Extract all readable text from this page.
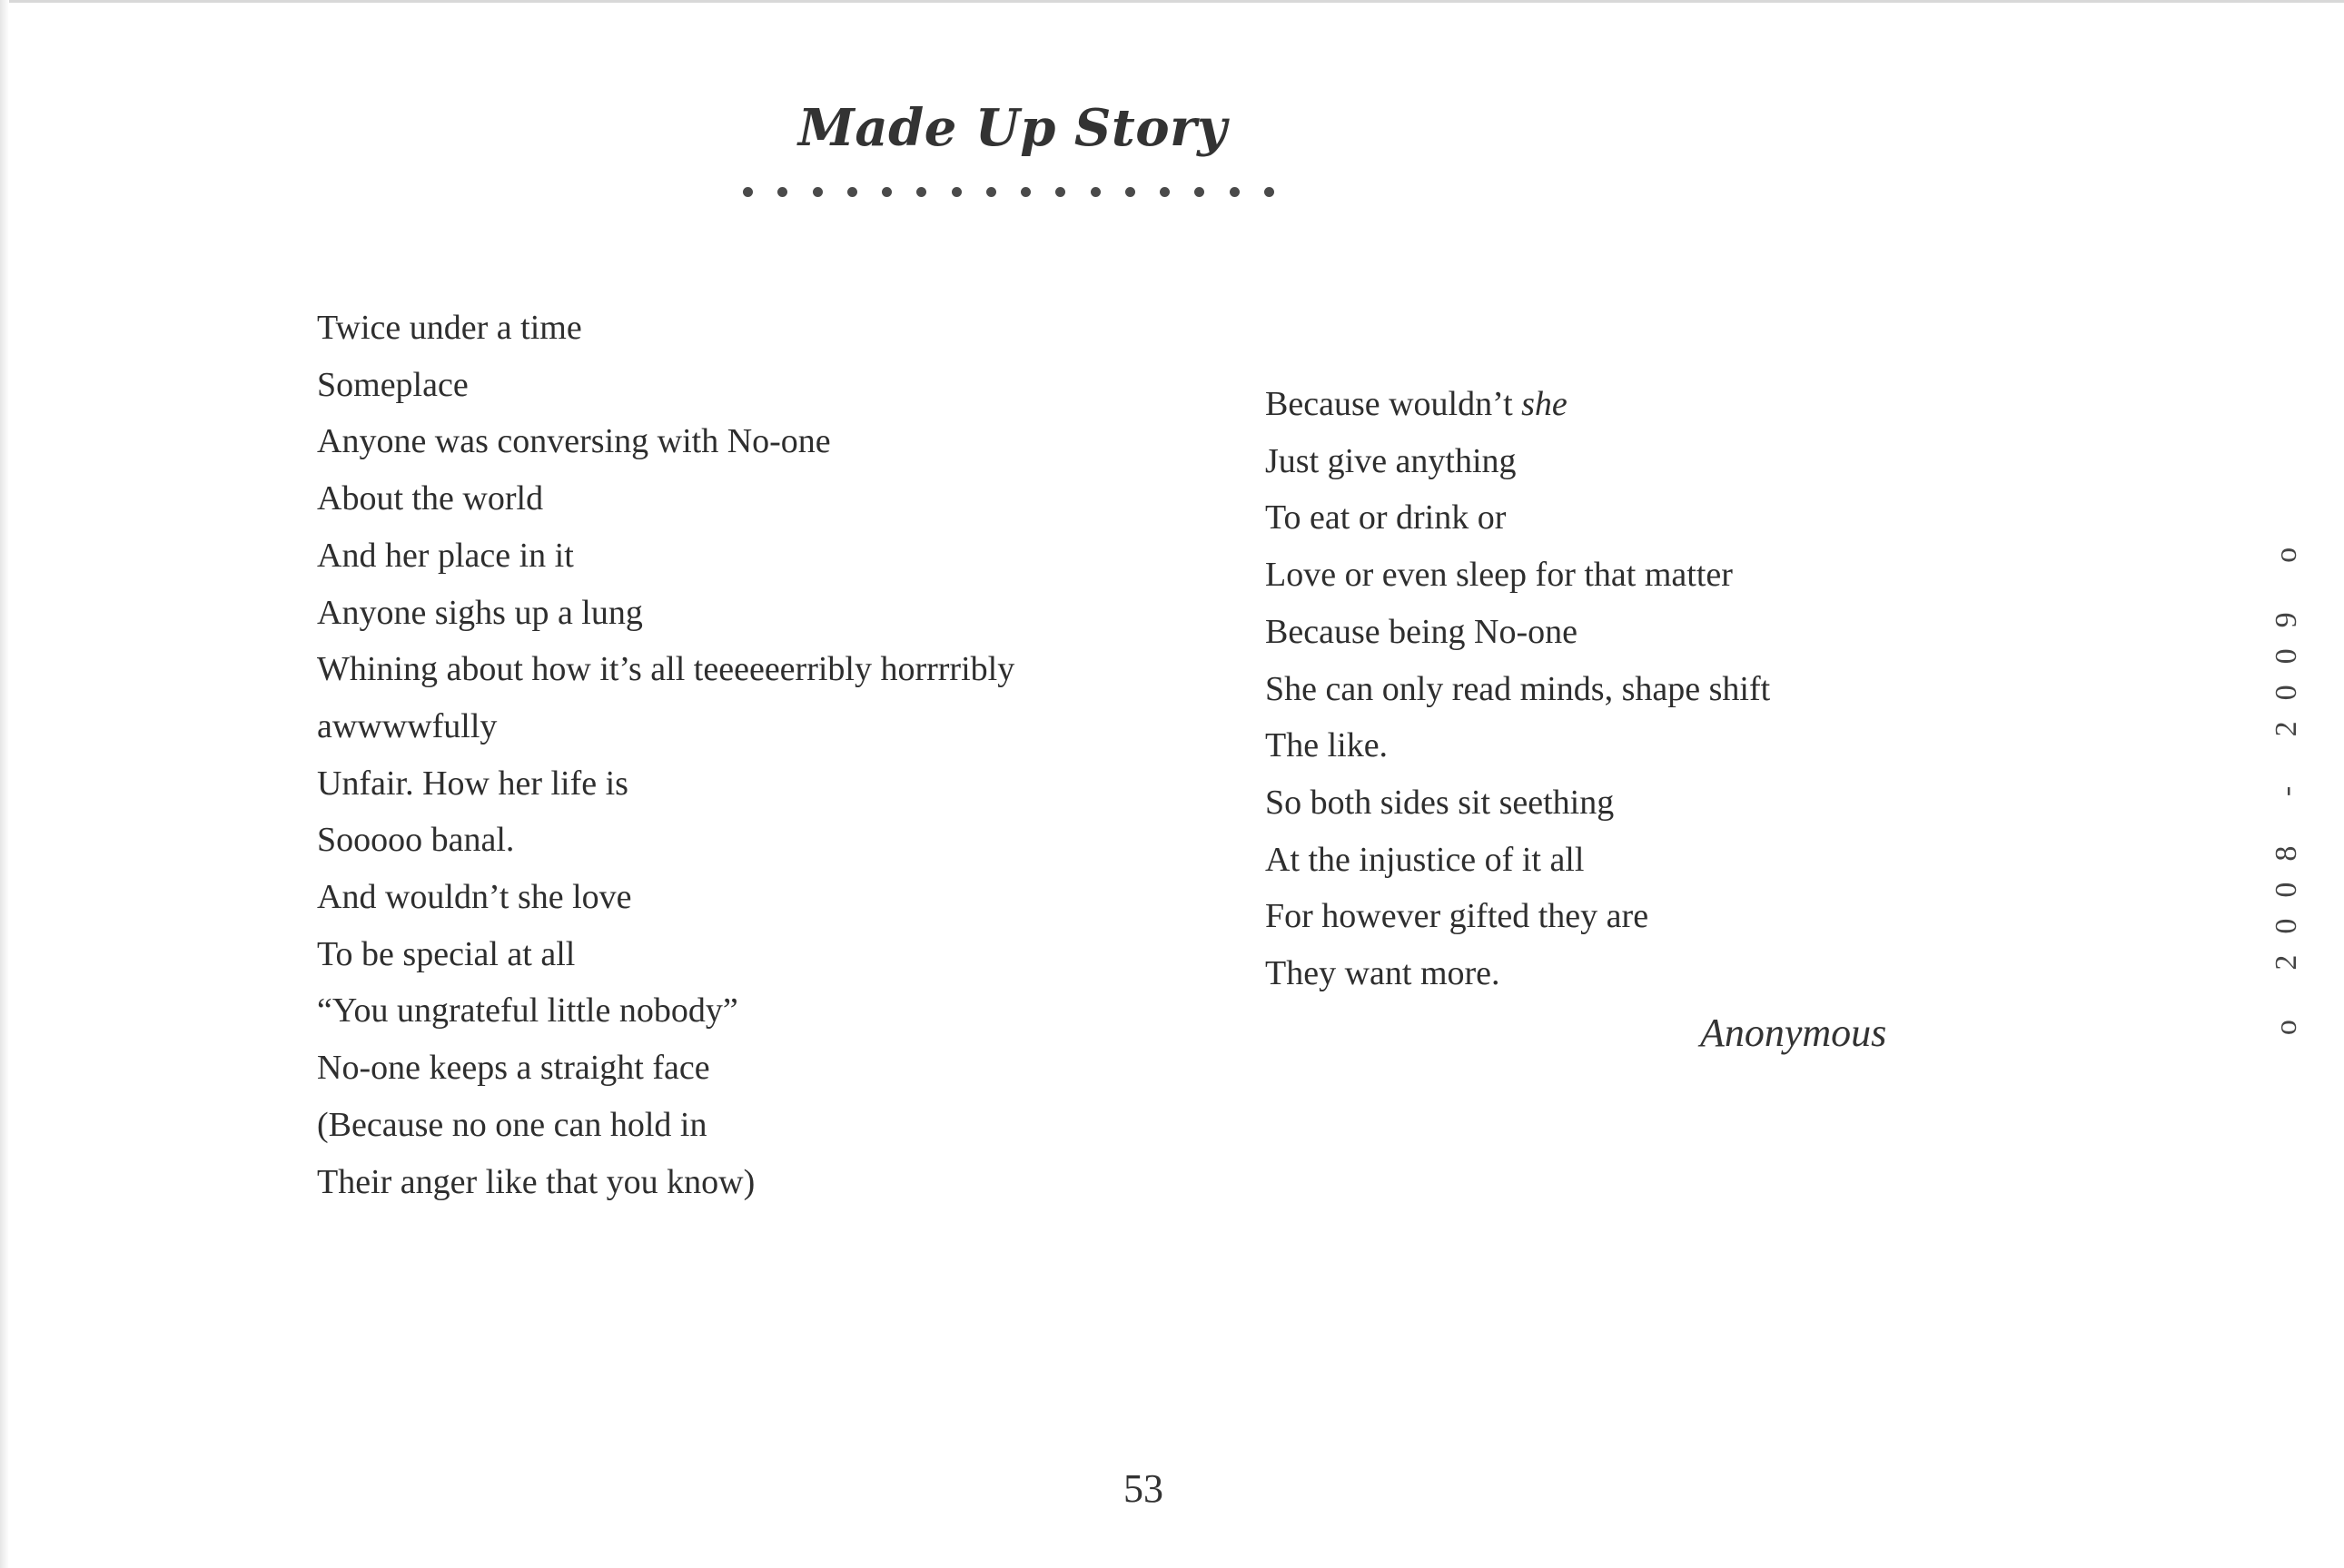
Made Up Story
Twice under a time
Someplace
Anyone was conversing with No-one
About the world
And her place in it
Anyone sighs up a lung
Whining about how it’s all teeeeeerribly horrrribly
awwwwfully
Unfair. How her life is
Sooooo banal.
And wouldn’t she love
To be special at all
“You ungrateful little nobody”
No-one keeps a straight face
(Because no one can hold in
Their anger like that you know)
Because wouldn’t she
Just give anything
To eat or drink or
Love or even sleep for that matter
Because being No-one
She can only read minds, shape shift
The like.
So both sides sit seething
At the injustice of it all
For however gifted they are
They want more.
Anonymous
53
o 2008 - 2009 o
